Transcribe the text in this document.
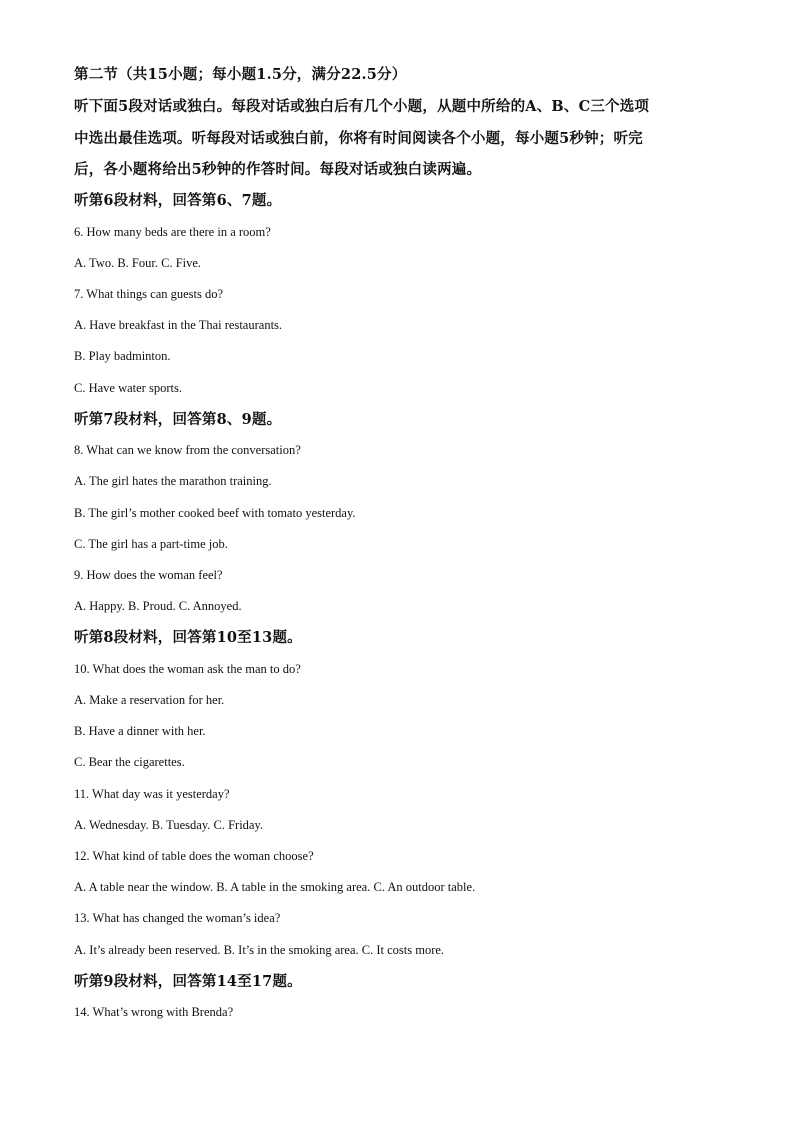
第二节（共15小题；每小题1.5分，满分22.5分）
听下面5段对话或独白。每段对话或独白后有几个小题，从题中所给的A、B、C三个选项
中选出最佳选项。听每段对话或独白前，你将有时间阅读各个小题，每小题5秒钟；听完
后，各小题将给出5秒钟的作答时间。每段对话或独白读两遍。
听第6段材料，回答第6、7题。
6. How many beds are there in a room?
A. Two. B. Four. C. Five.
7. What things can guests do?
A. Have breakfast in the Thai restaurants.
B. Play badminton.
C. Have water sports.
听第7段材料，回答第8、9题。
8. What can we know from the conversation?
A. The girl hates the marathon training.
B. The girl’s mother cooked beef with tomato yesterday.
C. The girl has a part-time job.
9. How does the woman feel?
A. Happy. B. Proud. C. Annoyed.
听第8段材料，回答第10至13题。
10. What does the woman ask the man to do?
A. Make a reservation for her.
B. Have a dinner with her.
C. Bear the cigarettes.
11. What day was it yesterday?
A. Wednesday. B. Tuesday. C. Friday.
12. What kind of table does the woman choose?
A. A table near the window. B. A table in the smoking area. C. An outdoor table.
13. What has changed the woman’s idea?
A. It’s already been reserved. B. It’s in the smoking area. C. It costs more.
听第9段材料，回答第14至17题。
14. What’s wrong with Brenda?
